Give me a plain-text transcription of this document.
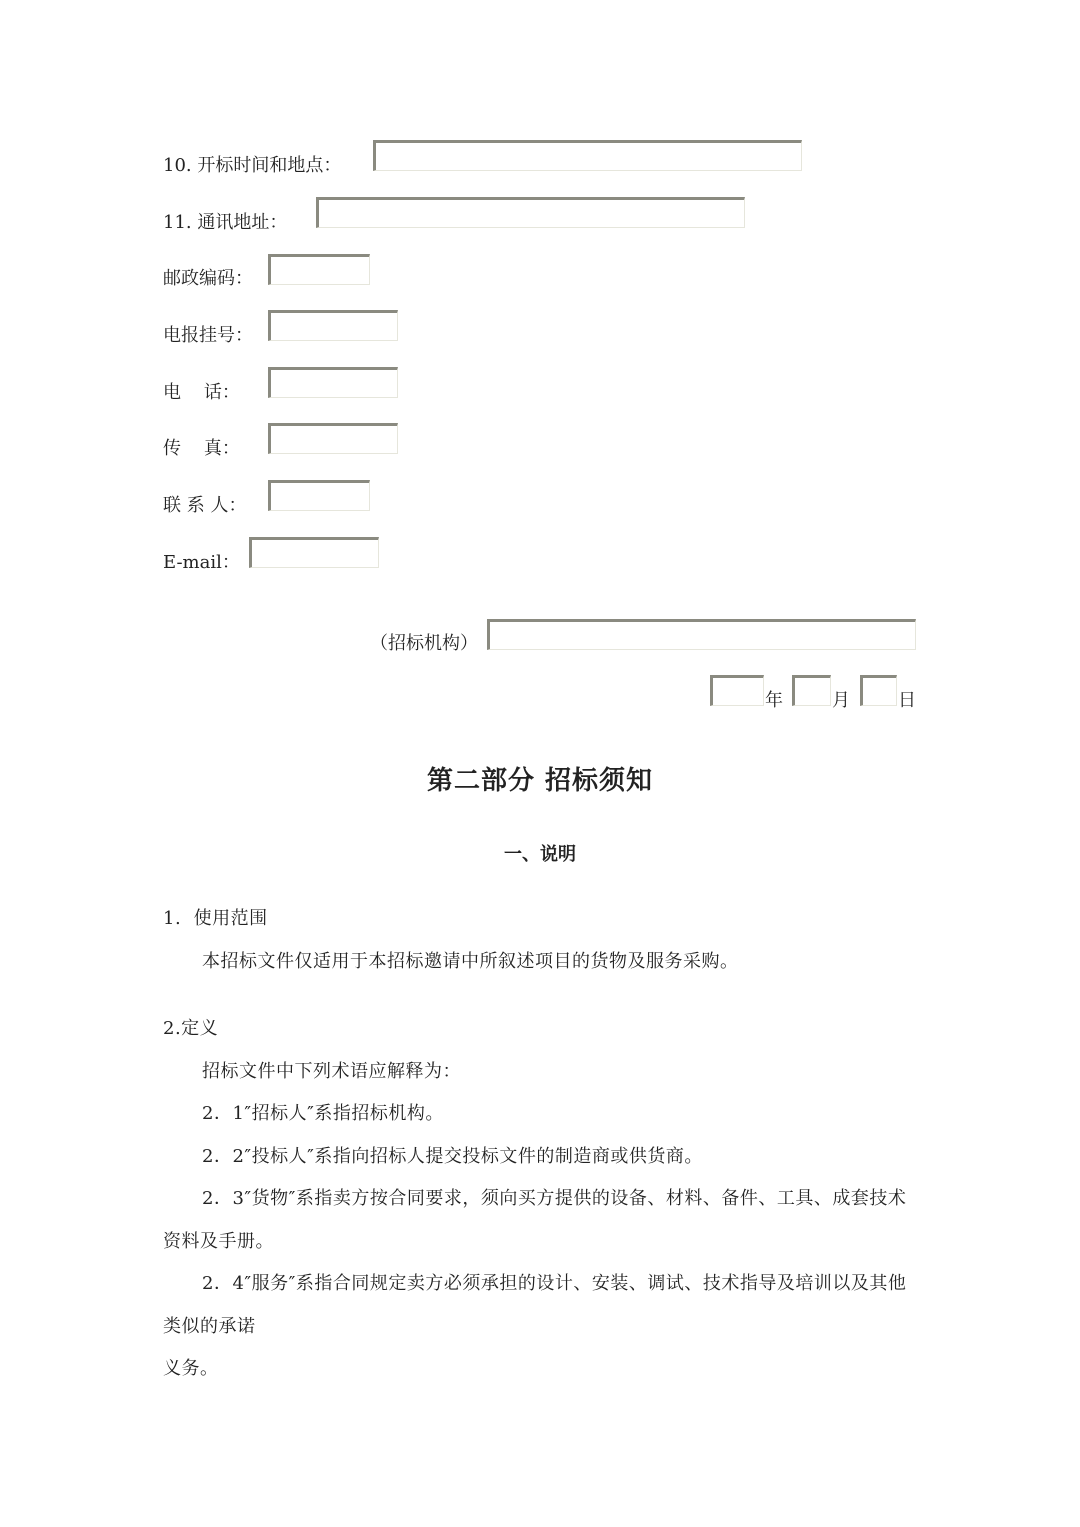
10. 开标时间和地点：
11. 通讯地址：
邮政编码：
电报挂号：
电    话：
传    真：
联 系 人：
E-mail：
（招标机构）
年	月	日
第二部分 招标须知
一、说明
1.  使用范围
本招标文件仅适用于本招标邀请中所叙述项目的货物及服务采购。
2.定义
招标文件中下列术语应解释为：
2．1″招标人″系指招标机构。
2．2″投标人″系指向招标人提交投标文件的制造商或供货商。
2．3″货物″系指卖方按合同要求，须向买方提供的设备、材料、备件、工具、成套技术
资料及手册。
2．4″服务″系指合同规定卖方必须承担的设计、安装、调试、技术指导及培训以及其他
类似的承诺
义务。
